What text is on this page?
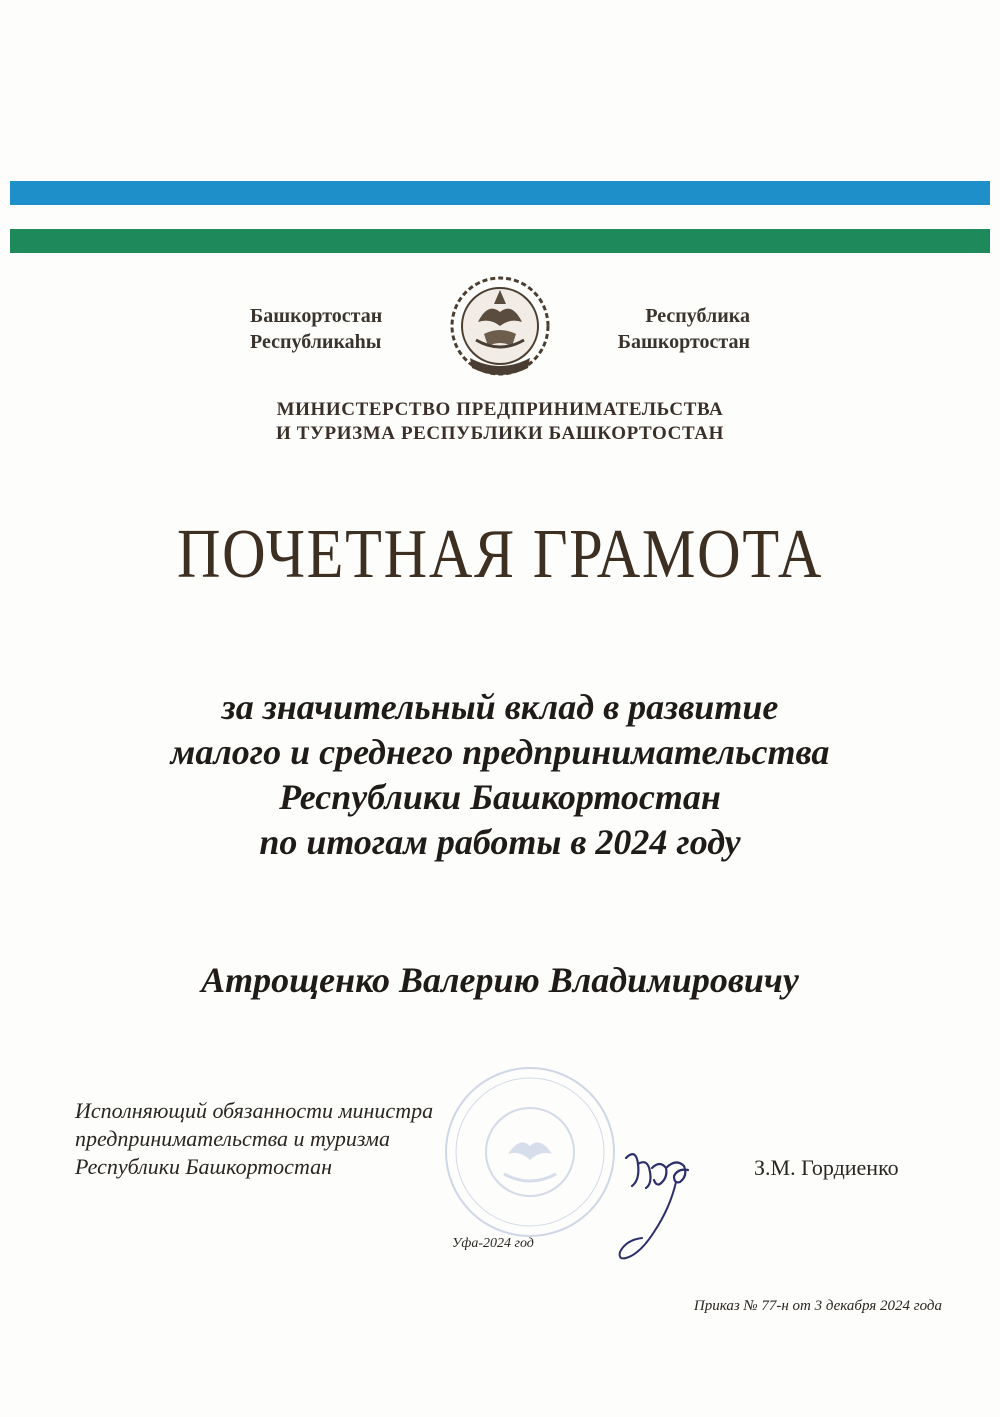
Башкортостан
Республикаһы
Республика
Башкортостан
МИНИСТЕРСТВО ПРЕДПРИНИМАТЕЛЬСТВА
И ТУРИЗМА РЕСПУБЛИКИ БАШКОРТОСТАН
ПОЧЕТНАЯ ГРАМОТА
за значительный вклад в развитие
малого и среднего предпринимательства
Республики Башкортостан
по итогам работы в 2024 году
Атрощенко Валерию Владимировичу
Исполняющий обязанности министра
предпринимательства и туризма
Республики Башкортостан	З.М. Гордиенко
Уфа-2024 год
Приказ № 77-н от 3 декабря 2024 года
